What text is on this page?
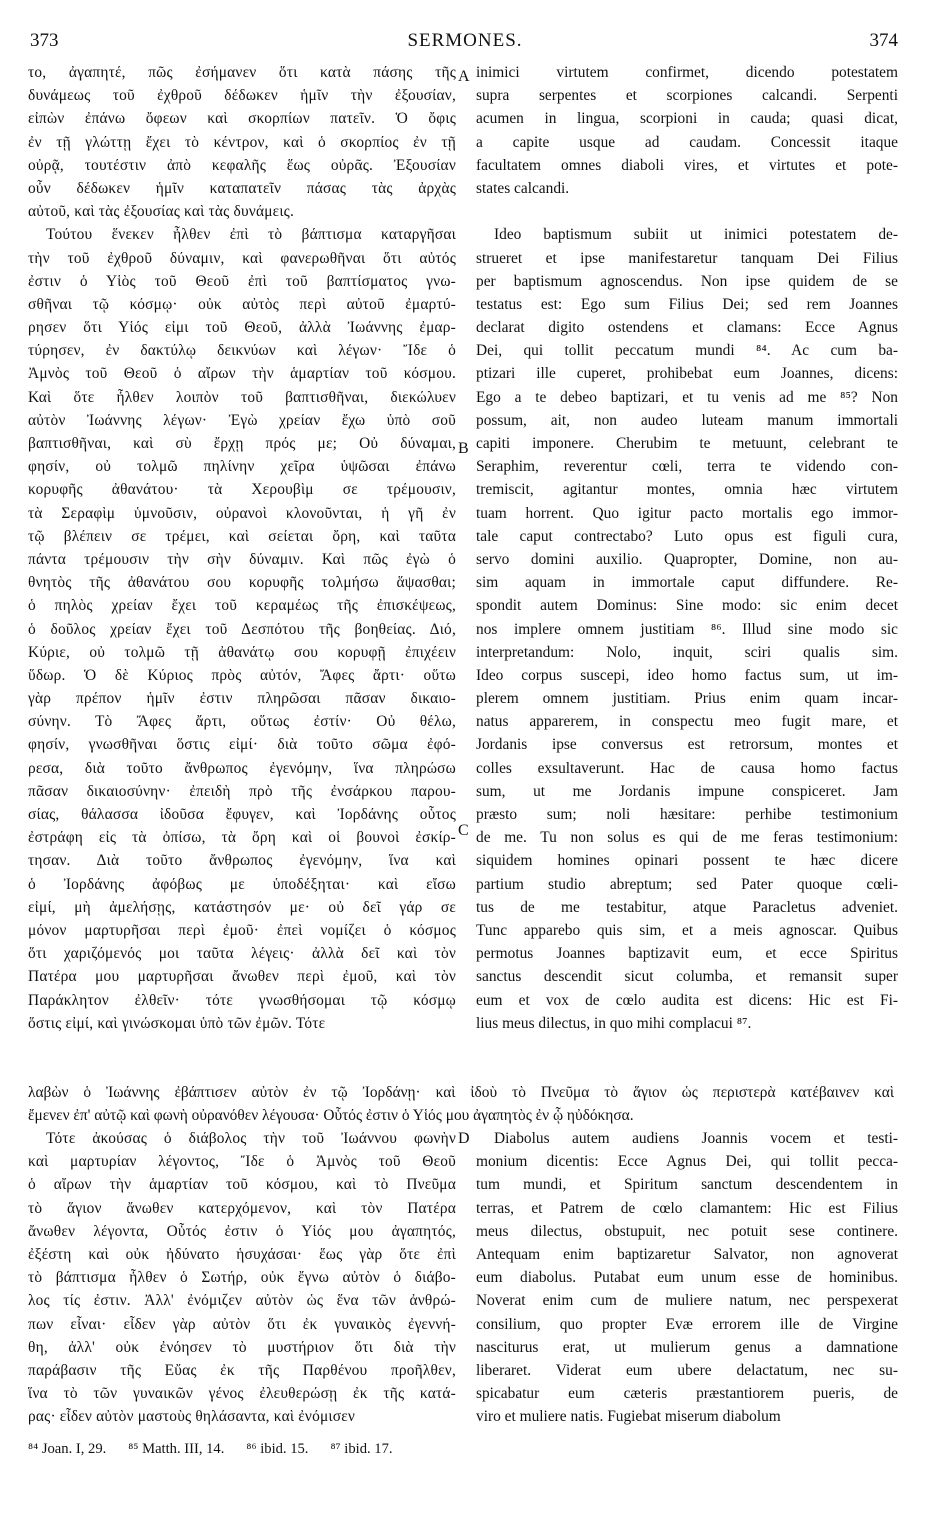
373	SERMONES.	374
το, ἀγαπητέ, πῶς ἐσήμανεν ὅτι κατὰ πάσης τῆς
δυνάμεως τοῦ ἐχθροῦ δέδωκεν ἡμῖν τὴν ἐξουσίαν,
εἰπὼν ἐπάνω ὄφεων καὶ σκορπίων πατεῖν. Ὁ ὄφις
ἐν τῇ γλώττῃ ἔχει τὸ κέντρον, καὶ ὁ σκορπίος ἐν τῇ
οὐρᾷ, τουτέστιν ἀπὸ κεφαλῆς ἕως οὐρᾶς. Ἐξουσίαν
οὖν δέδωκεν ἡμῖν καταπατεῖν πάσας τὰς ἀρχὰς
αὐτοῦ, καὶ τὰς ἐξουσίας καὶ τὰς δυνάμεις.
Τούτου ἕνεκεν ἦλθεν ἐπὶ τὸ βάπτισμα καταργῆσαι
τὴν τοῦ ἐχθροῦ δύναμιν, καὶ φανερωθῆναι ὅτι αὐτός
ἐστιν ὁ Υἱὸς τοῦ Θεοῦ ἐπὶ τοῦ βαπτίσματος γνω-
σθῆναι τῷ κόσμῳ· οὐκ αὐτὸς περὶ αὐτοῦ ἐμαρτύ-
ρησεν ὅτι Υἱός εἰμι τοῦ Θεοῦ, ἀλλὰ Ἰωάννης ἐμαρ-
τύρησεν, ἐν δακτύλῳ δεικνύων καὶ λέγων· Ἴδε ὁ
Ἀμνὸς τοῦ Θεοῦ ὁ αἴρων τὴν ἁμαρτίαν τοῦ κόσμου.
Καὶ ὅτε ἦλθεν λοιπὸν τοῦ βαπτισθῆναι, διεκώλυεν
αὐτὸν Ἰωάννης λέγων· Ἐγὼ χρείαν ἔχω ὑπὸ σοῦ
βαπτισθῆναι, καὶ σὺ ἔρχῃ πρός με; Οὐ δύναμαι,
φησίν, οὐ τολμῶ πηλίνην χεῖρα ὑψῶσαι ἐπάνω
κορυφῆς ἀθανάτου· τὰ Χερουβὶμ σε τρέμουσιν,
τὰ Σεραφὶμ ὑμνοῦσιν, οὐρανοὶ κλονοῦνται, ἡ γῆ ἐν
τῷ βλέπειν σε τρέμει, καὶ σείεται ὄρη, καὶ ταῦτα
πάντα τρέμουσιν τὴν σὴν δύναμιν. Καὶ πῶς ἐγὼ ὁ
θνητὸς τῆς ἀθανάτου σου κορυφῆς τολμήσω ἅψασθαι;
ὁ πηλὸς χρείαν ἔχει τοῦ κεραμέως τῆς ἐπισκέψεως,
ὁ δοῦλος χρείαν ἔχει τοῦ Δεσπότου τῆς βοηθείας. Διό,
Κύριε, οὐ τολμῶ τῇ ἀθανάτῳ σου κορυφῇ ἐπιχέειν
ὕδωρ. Ὁ δὲ Κύριος πρὸς αὐτόν, Ἄφες ἄρτι· οὕτω
γὰρ πρέπον ἡμῖν ἐστιν πληρῶσαι πᾶσαν δικαιο-
σύνην. Τὸ Ἄφες ἄρτι, οὕτως ἐστίν· Οὐ θέλω,
φησίν, γνωσθῆναι ὅστις εἰμί· διὰ τοῦτο σῶμα ἐφό-
ρεσα, διὰ τοῦτο ἄνθρωπος ἐγενόμην, ἵνα πληρώσω
πᾶσαν δικαιοσύνην· ἐπειδὴ πρὸ τῆς ἐνσάρκου παρου-
σίας, θάλασσα ἰδοῦσα ἔφυγεν, καὶ Ἰορδάνης οὗτος
ἐστράφη εἰς τὰ ὀπίσω, τὰ ὄρη καὶ οἱ βουνοὶ ἐσκίρ-
τησαν. Διὰ τοῦτο ἄνθρωπος ἐγενόμην, ἵνα καὶ
ὁ Ἰορδάνης ἀφόβως με ὑποδέξηται· καὶ εἴσω
εἰμί, μὴ ἀμελήσῃς, κατάστησόν με· οὐ δεῖ γάρ σε
μόνον μαρτυρῆσαι περὶ ἐμοῦ· ἐπεὶ νομίζει ὁ κόσμος
ὅτι χαριζόμενός μοι ταῦτα λέγεις· ἀλλὰ δεῖ καὶ τὸν
Πατέρα μου μαρτυρῆσαι ἄνωθεν περὶ ἐμοῦ, καὶ τὸν
Παράκλητον ἐλθεῖν· τότε γνωσθήσομαι τῷ κόσμῳ
ὅστις εἰμί, καὶ γινώσκομαι ὑπὸ τῶν ἐμῶν. Τότε
inimici virtutem confirmet, dicendo potestatem
supra serpentes et scorpiones calcandi. Serpenti
acumen in lingua, scorpioni in cauda; quasi dicat,
a capite usque ad caudam. Concessit itaque
facultatem omnes diaboli vires, et virtutes et pote-
states calcandi.
Ideo baptismum subiit ut inimici potestatem de-
strueret et ipse manifestaretur tanquam Dei Filius
per baptismum agnoscendus. Non ipse quidem de se
testatus est: Ego sum Filius Dei; sed rem Joannes
declarat digito ostendens et clamans: Ecce Agnus
Dei, qui tollit peccatum mundi ⁸⁴. Ac cum ba-
ptizari ille cuperet, prohibebat eum Joannes, dicens:
Ego a te debeo baptizari, et tu venis ad me ⁸⁵? Non
possum, ait, non audeo luteam manum immortali
capiti imponere. Cherubim te metuunt, celebrant te
Seraphim, reverentur cœli, terra te videndo con-
tremiscit, agitantur montes, omnia hæc virtutem
tuam horrent. Quo igitur pacto mortalis ego immor-
tale caput contrectabo? Luto opus est figuli cura,
servo domini auxilio. Quapropter, Domine, non au-
sim aquam in immortale caput diffundere. Re-
spondit autem Dominus: Sine modo: sic enim decet
nos implere omnem justitiam ⁸⁶. Illud sine modo sic
interpretandum: Nolo, inquit, sciri qualis sim.
Ideo corpus suscepi, ideo homo factus sum, ut im-
plerem omnem justitiam. Prius enim quam incar-
natus apparerem, in conspectu meo fugit mare, et
Jordanis ipse conversus est retrorsum, montes et
colles exsultaverunt. Hac de causa homo factus
sum, ut me Jordanis impune conspiceret. Jam
præsto sum; noli hæsitare: perhibe testimonium
de me. Tu non solus es qui de me feras testimonium:
siquidem homines opinari possent te hæc dicere
partium studio abreptum; sed Pater quoque cœli-
tus de me testabitur, atque Paracletus adveniet.
Tunc apparebo quis sim, et a meis agnoscar. Quibus
permotus Joannes baptizavit eum, et ecce Spiritus
sanctus descendit sicut columba, et remansit super
eum et vox de cœlo audita est dicens: Hic est Fi-
lius meus dilectus, in quo mihi complacui ⁸⁷.
λαβὼν ὁ Ἰωάννης ἐβάπτισεν αὐτὸν ἐν τῷ Ἰορδάνῃ· καὶ ἰδοὺ τὸ Πνεῦμα τὸ ἅγιον ὡς περιστερὰ κατέβαινεν καὶ
ἔμενεν ἐπ' αὐτῷ καὶ φωνὴ οὐρανόθεν λέγουσα· Οὗτός ἐστιν ὁ Υἱός μου ἀγαπητὸς ἐν ᾧ ηὐδόκησα.
Τότε ἀκούσας ὁ διάβολος τὴν τοῦ Ἰωάννου φωνὴν
καὶ μαρτυρίαν λέγοντος, Ἴδε ὁ Ἀμνὸς τοῦ Θεοῦ
ὁ αἴρων τὴν ἁμαρτίαν τοῦ κόσμου, καὶ τὸ Πνεῦμα
τὸ ἅγιον ἄνωθεν κατερχόμενον, καὶ τὸν Πατέρα
ἄνωθεν λέγοντα, Οὗτός ἐστιν ὁ Υἱός μου ἀγαπητός,
ἐξέστη καὶ οὐκ ἠδύνατο ἡσυχάσαι· ἕως γὰρ ὅτε ἐπὶ
τὸ βάπτισμα ἦλθεν ὁ Σωτήρ, οὐκ ἔγνω αὐτὸν ὁ διάβο-
λος τίς ἐστιν. Ἀλλ' ἐνόμιζεν αὐτὸν ὡς ἕνα τῶν ἀνθρώ-
πων εἶναι· εἶδεν γὰρ αὐτὸν ὅτι ἐκ γυναικὸς ἐγεννή-
θη, ἀλλ' οὐκ ἐνόησεν τὸ μυστήριον ὅτι διὰ τὴν
παράβασιν τῆς Εὔας ἐκ τῆς Παρθένου προῆλθεν,
ἵνα τὸ τῶν γυναικῶν γένος ἐλευθερώσῃ ἐκ τῆς κατά-
ρας· εἶδεν αὐτὸν μαστοὺς θηλάσαντα, καὶ ἐνόμισεν
Diabolus autem audiens Joannis vocem et testi-
monium dicentis: Ecce Agnus Dei, qui tollit pecca-
tum mundi, et Spiritum sanctum descendentem in
terras, et Patrem de cœlo clamantem: Hic est Filius
meus dilectus, obstupuit, nec potuit sese continere.
Antequam enim baptizaretur Salvator, non agnoverat
eum diabolus. Putabat eum unum esse de hominibus.
Noverat enim cum de muliere natum, nec perspexerat
consilium, quo propter Evæ errorem ille de Virgine
nasciturus erat, ut mulierum genus a damnatione
liberaret. Viderat eum ubere delactatum, nec su-
spicabatur eum cæteris præstantiorem pueris, de
viro et muliere natis. Fugiebat miserum diabolum
A
B
C
D
⁸⁴ Joan. I, 29. ⁸⁵ Matth. III, 14. ⁸⁶ ibid. 15. ⁸⁷ ibid. 17.
